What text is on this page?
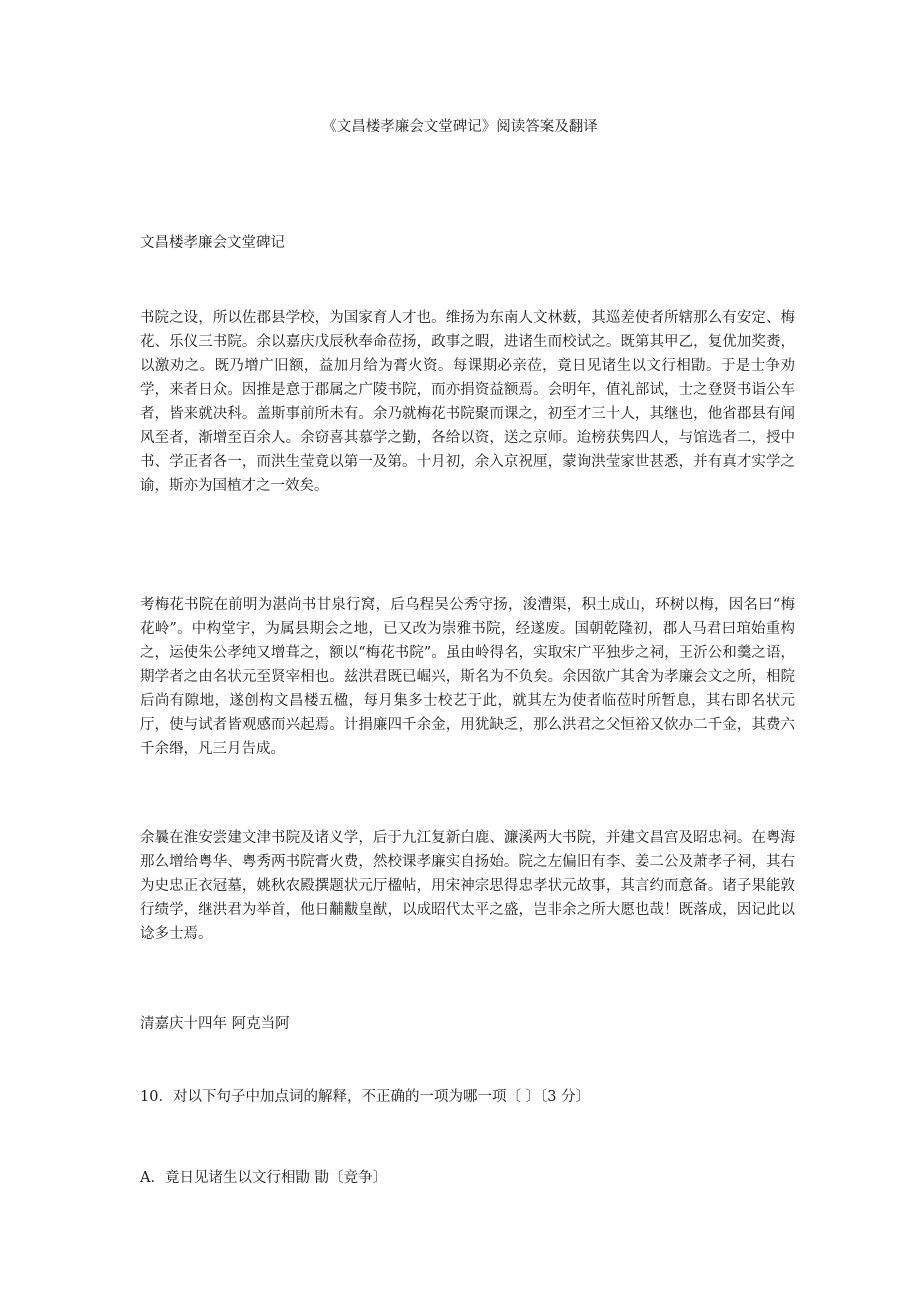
《文昌楼孝廉会文堂碑记》阅读答案及翻译

文昌楼孝廉会文堂碑记

书院之设，所以佐郡县学校，为国家育人才也。维扬为东南人文林薮，其巡差使者所辖那么有安定、梅花、乐仪三书院。余以嘉庆戊辰秋奉命莅扬，政事之暇，进诸生而校试之。既第其甲乙，复优加奖赉，以激劝之。既乃增广旧额，益加月给为膏火资。每课期必亲莅，竟日见诸生以文行相勖。于是士争劝学，来者日众。因推是意于郡属之广陵书院，而亦捐资益额焉。会明年，值礼部试，士之登贤书诣公车者，皆来就决科。盖斯事前所未有。余乃就梅花书院聚而课之，初至才三十人，其继也，他省郡县有闻风至者，渐增至百余人。余窃喜其慕学之勤，各给以资，送之京师。迨榜获隽四人，与馆选者二，授中书、学正者各一，而洪生莹竟以第一及第。十月初，余入京祝厘，蒙询洪莹家世甚悉，并有真才实学之谕，斯亦为国植才之一效矣。

考梅花书院在前明为湛尚书甘泉行窝，后乌程吴公秀守扬，浚漕渠，积土成山，环树以梅，因名曰“梅花岭”。中构堂宇，为属县期会之地，已又改为崇雅书院，经遂废。国朝乾隆初，郡人马君曰琯始重构之，运使朱公孝纯又增葺之，额以“梅花书院”。虽由岭得名，实取宋广平独步之祠，王沂公和羹之语，期学者之由名状元至贤宰相也。兹洪君既已崛兴，斯名为不负矣。余因欲广其舍为孝廉会文之所，相院后尚有隙地，遂创构文昌楼五楹，每月集多士校艺于此，就其左为使者临莅时所暂息，其右即名状元厅，使与试者皆观感而兴起焉。计捐廉四千余金，用犹缺乏，那么洪君之父恒裕又佽办二千金，其费六千余缗，凡三月告成。

余曩在淮安尝建文津书院及诸义学，后于九江复新白鹿、濂溪两大书院，并建文昌宫及昭忠祠。在粤海那么增给粤华、粤秀两书院膏火费，然校课孝廉实自扬始。院之左偏旧有李、姜二公及萧孝子祠，其右为史忠正衣冠墓，姚秋农殿撰题状元厅楹帖，用宋神宗思得忠孝状元故事，其言约而意备。诸子果能敦行绩学，继洪君为举首，他日黼黻皇猷，以成昭代太平之盛，岂非余之所大愿也哉！既落成，因记此以谂多士焉。

清嘉庆十四年 阿克当阿

10．对以下句子中加点词的解释，不正确的一项为哪一项〔 〕〔3 分〕

A．竟日见诸生以文行相勖 勖〔竞争〕
